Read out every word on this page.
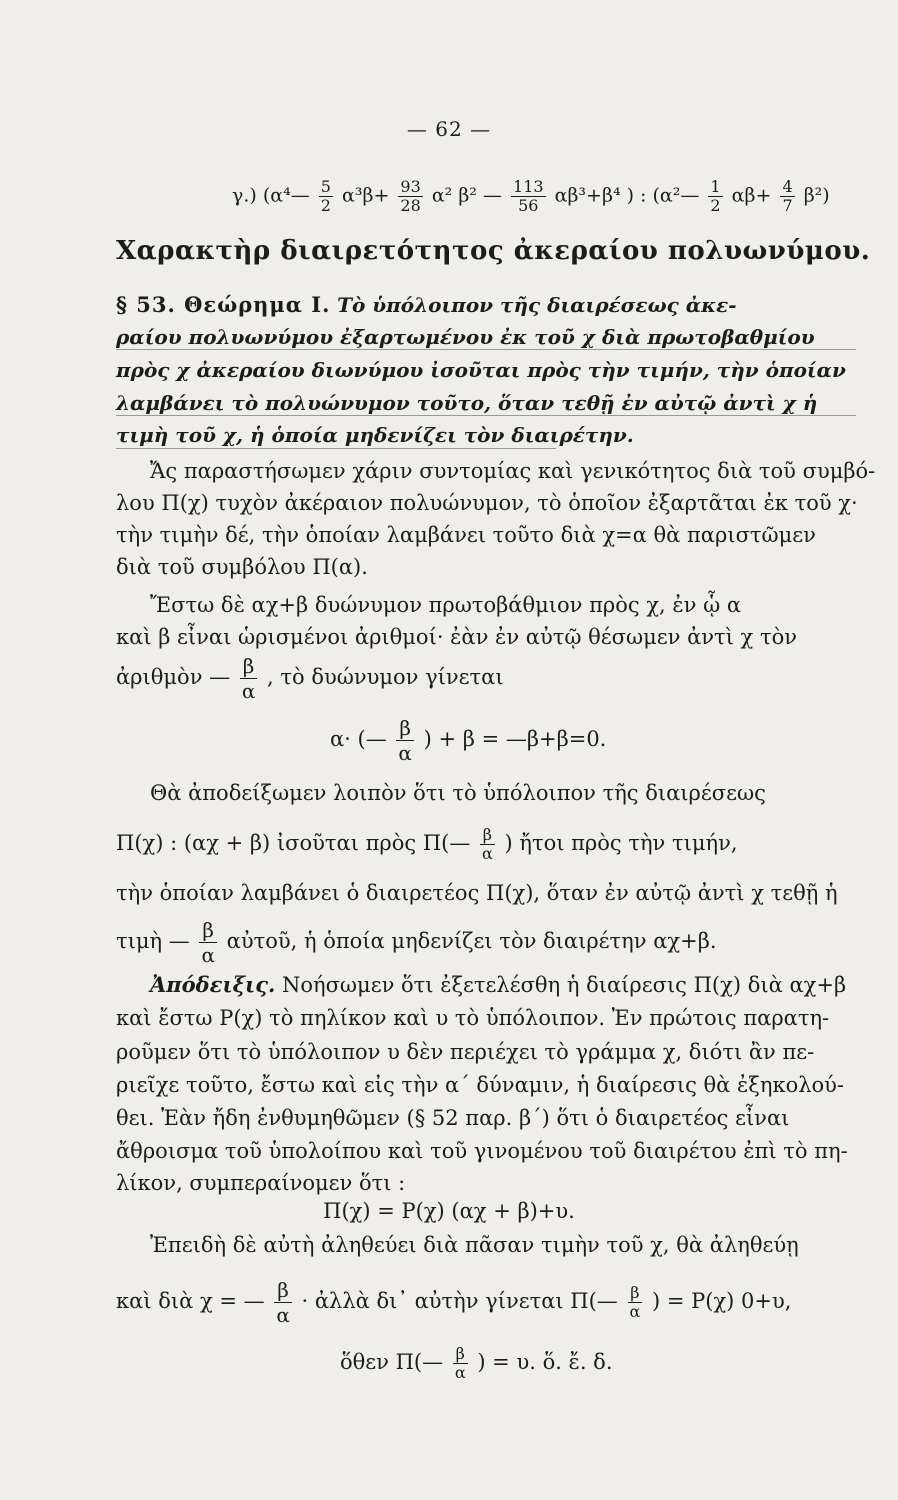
— 62 —
γ.) (α⁴— $\frac{5}{2} \alpha^3\beta+ \frac{93}{28} \alpha^2$ β² — $\frac{113}{56} \alpha\beta^3+\beta^4$ ) : (α²— $\frac{1}{2} \alpha\beta+ \frac{4}{7} \beta^2$)
Χαρακτὴρ διαιρετότητος ἀκεραίου πολυωνύμου.
§ 53. Θεώρημα I. Τὸ ὑπόλοιπον τῆς διαιρέσεως ἀκε-
ραίου πολυωνύμου ἐξαρτωμένου ἐκ τοῦ χ διὰ πρωτοβαθμίου
πρὸς χ ἀκεραίου διωνύμου ἰσοῦται πρὸς τὴν τιμήν, τὴν ὁποίαν
λαμβάνει τὸ πολυώνυμον τοῦτο, ὅταν τεθῇ ἐν αὐτῷ ἀντὶ χ ἡ
τιμὴ τοῦ χ, ἡ ὁποία μηδενίζει τὸν διαιρέτην.
Ἄς παραστήσωμεν χάριν συντομίας καὶ γενικότητος διὰ τοῦ συμβό-
λου Π(χ) τυχὸν ἀκέραιον πολυώνυμον, τὸ ὁποῖον ἐξαρτᾶται ἐκ τοῦ χ·
τὴν τιμὴν δέ, τὴν ὁποίαν λαμβάνει τοῦτο διὰ χ=α θὰ παριστῶμεν
διὰ τοῦ συμβόλου Π(α).
Ἔστω δὲ αχ+β δυώνυμον πρωτοβάθμιον πρὸς χ, ἐν ᾧ α
καὶ β εἶναι ὡρισμένοι ἀριθμοί· ἐὰν ἐν αὐτῷ θέσωμεν ἀντὶ χ τὸν
ἀριθμὸν — $\frac{\beta}{\alpha}$ , τὸ δυώνυμον γίνεται
α· (— $\frac{\beta}{\alpha}$ ) + β = —β+β=0.
Θὰ ἀποδείξωμεν λοιπὸν ὅτι τὸ ὑπόλοιπον τῆς διαιρέσεως
Π(χ) : (αχ + β) ἰσοῦται πρὸς Π(— $\frac{\beta}{\alpha}$ ) ἤτοι πρὸς τὴν τιμήν,
τὴν ὁποίαν λαμβάνει ὁ διαιρετέος Π(χ), ὅταν ἐν αὐτῷ ἀντὶ χ τεθῇ ἡ
τιμὴ — $\frac{\beta}{\alpha}$ αὐτοῦ, ἡ ὁποία μηδενίζει τὸν διαιρέτην αχ+β.
Ἀπόδειξις. Νοήσωμεν ὅτι ἐξετελέσθη ἡ διαίρεσις Π(χ) διὰ αχ+β
καὶ ἔστω Ρ(χ) τὸ πηλίκον καὶ υ τὸ ὑπόλοιπον. Ἐν πρώτοις παρατη-
ροῦμεν ὅτι τὸ ὑπόλοιπον υ δὲν περιέχει τὸ γράμμα χ, διότι ἂν πε-
ριεῖχε τοῦτο, ἔστω καὶ εἰς τὴν α΄ δύναμιν, ἡ διαίρεσις θὰ ἐξηκολού-
θει. Ἐὰν ἤδη ἐνθυμηθῶμεν (§ 52 παρ. β΄) ὅτι ὁ διαιρετέος εἶναι
ἄθροισμα τοῦ ὑπολοίπου καὶ τοῦ γινομένου τοῦ διαιρέτου ἐπὶ τὸ πη-
λίκον, συμπεραίνομεν ὅτι :
Π(χ) = Ρ(χ) (αχ + β)+υ.
Ἐπειδὴ δὲ αὐτὴ ἀληθεύει διὰ πᾶσαν τιμὴν τοῦ χ, θὰ ἀληθεύῃ
καὶ διὰ χ = — $\frac{\beta}{\alpha}$ · ἀλλὰ δι᾽ αὐτὴν γίνεται Π(— $\frac{\beta}{\alpha}$ ) = Ρ(χ) 0+υ,
ὅθεν Π(— $\frac{\beta}{\alpha}$ ) = υ. ὅ. ἔ. δ.
